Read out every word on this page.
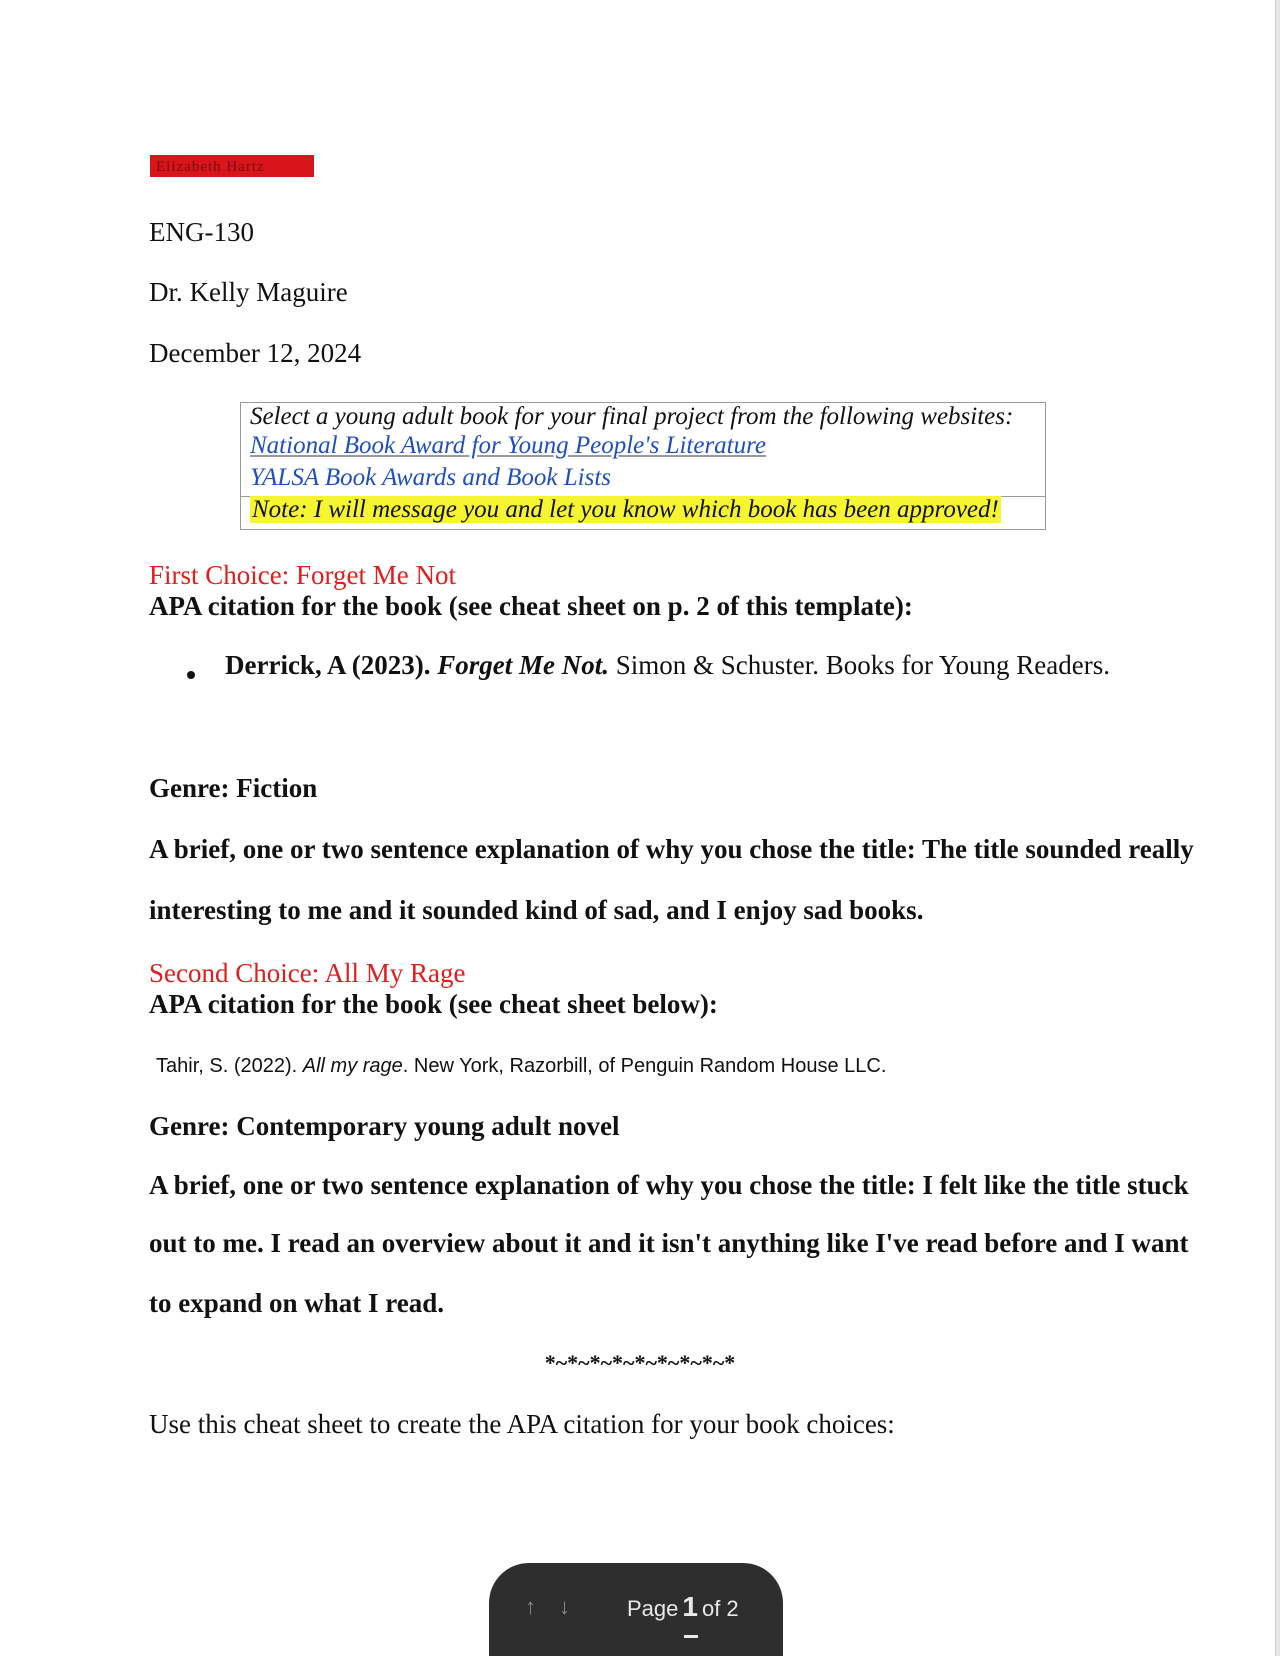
Elizabeth Hartz
ENG-130
Dr. Kelly Maguire
December 12, 2024
Select a young adult book for your final project from the following websites:
National Book Award for Young People's Literature
YALSA Book Awards and Book Lists
Note: I will message you and let you know which book has been approved!
First Choice: Forget Me Not
APA citation for the book (see cheat sheet on p. 2 of this template):
Derrick, A (2023). Forget Me Not. Simon & Schuster. Books for Young Readers.
Genre: Fiction
A brief, one or two sentence explanation of why you chose the title: The title sounded really
interesting to me and it sounded kind of sad, and I enjoy sad books.
Second Choice: All My Rage
APA citation for the book (see cheat sheet below):
Tahir, S. (2022). All my rage. New York, Razorbill, of Penguin Random House LLC.
Genre: Contemporary young adult novel
A brief, one or two sentence explanation of why you chose the title: I felt like the title stuck
out to me. I read an overview about it and it isn't anything like I've read before and I want
to expand on what I read.
*~*~*~*~*~*~*~*~*
Use this cheat sheet to create the APA citation for your book choices:
↑ ↓	Page 1 of 2
